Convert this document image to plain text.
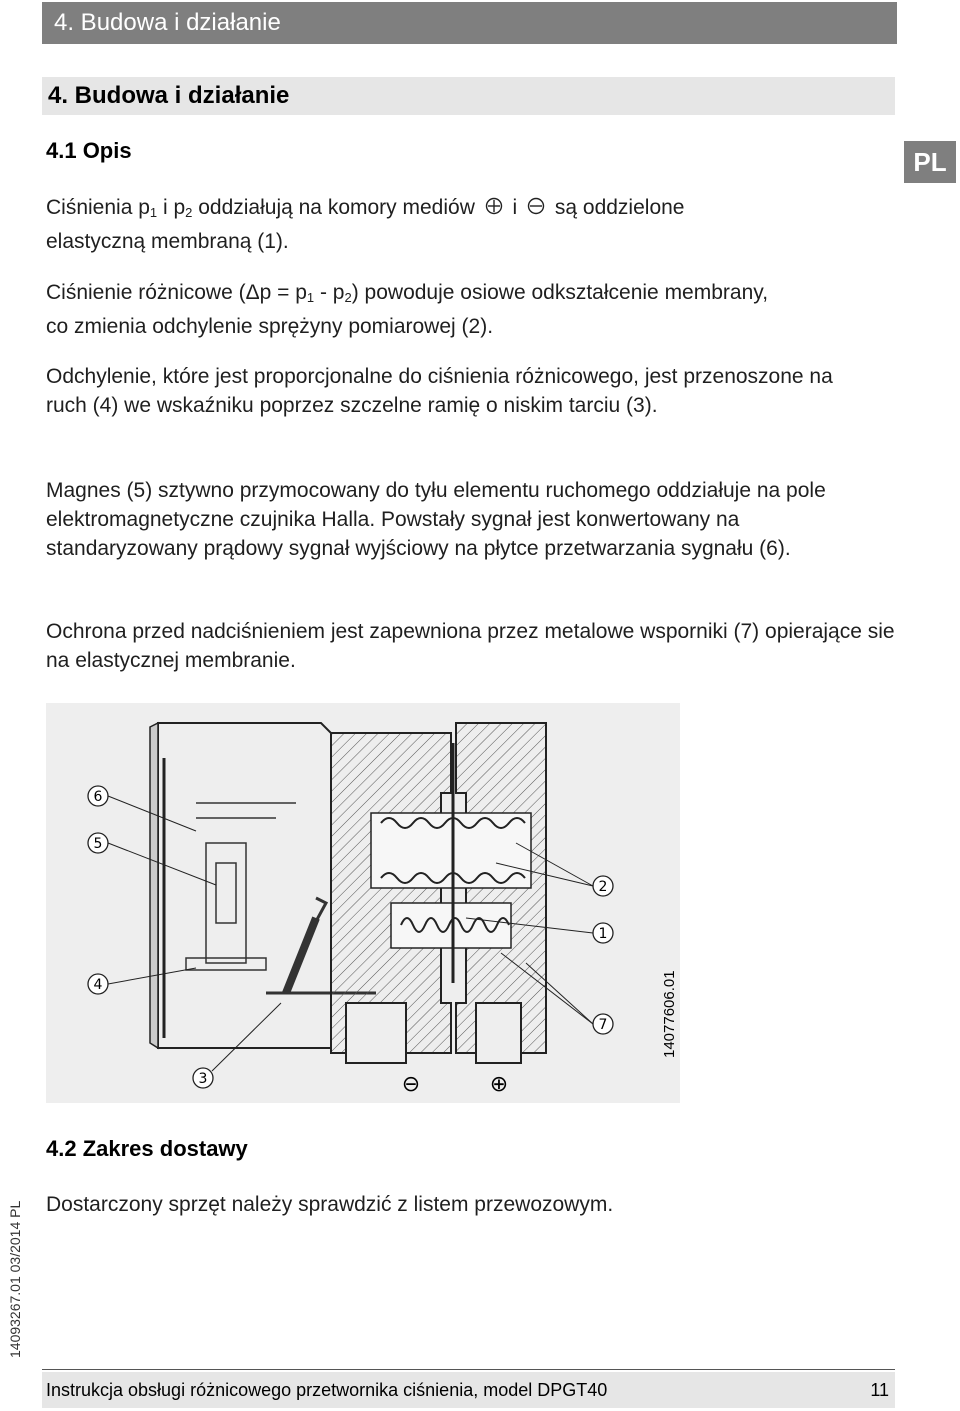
4. Budowa i działanie
4. Budowa i działanie
PL
4.1 Opis
Ciśnienia $p_1$ i $p_2$ oddziałują na komory mediów  i  są oddzielone
elastyczną membraną (1).
Ciśnienie różnicowe $(\Delta p = p_1 - p_2)$ powoduje osiowe odkształcenie membrany,
co zmienia odchylenie sprężyny pomiarowej (2).
Odchylenie, które jest proporcjonalne do ciśnienia różnicowego, jest przenoszone na ruch (4) we wskaźniku poprzez szczelne ramię o niskim tarciu (3).
Magnes (5) sztywno przymocowany do tyłu elementu ruchomego oddziałuje na pole elektromagnetyczne czujnika Halla. Powstały sygnał jest konwertowany na standaryzowany prądowy sygnał wyjściowy na płytce przetwarzania sygnału (6).
Ochrona przed nadciśnieniem jest zapewniona przez metalowe wsporniki (7) opierające sie na elastycznej membranie.
6
5
4
3
2
1
7
⊖	⊕
14077606.01
4.2 Zakres dostawy
Dostarczony sprzęt należy sprawdzić z listem przewozowym.
14093267.01 03/2014 PL
Instrukcja obsługi różnicowego przetwornika ciśnienia, model DPGT40	11
